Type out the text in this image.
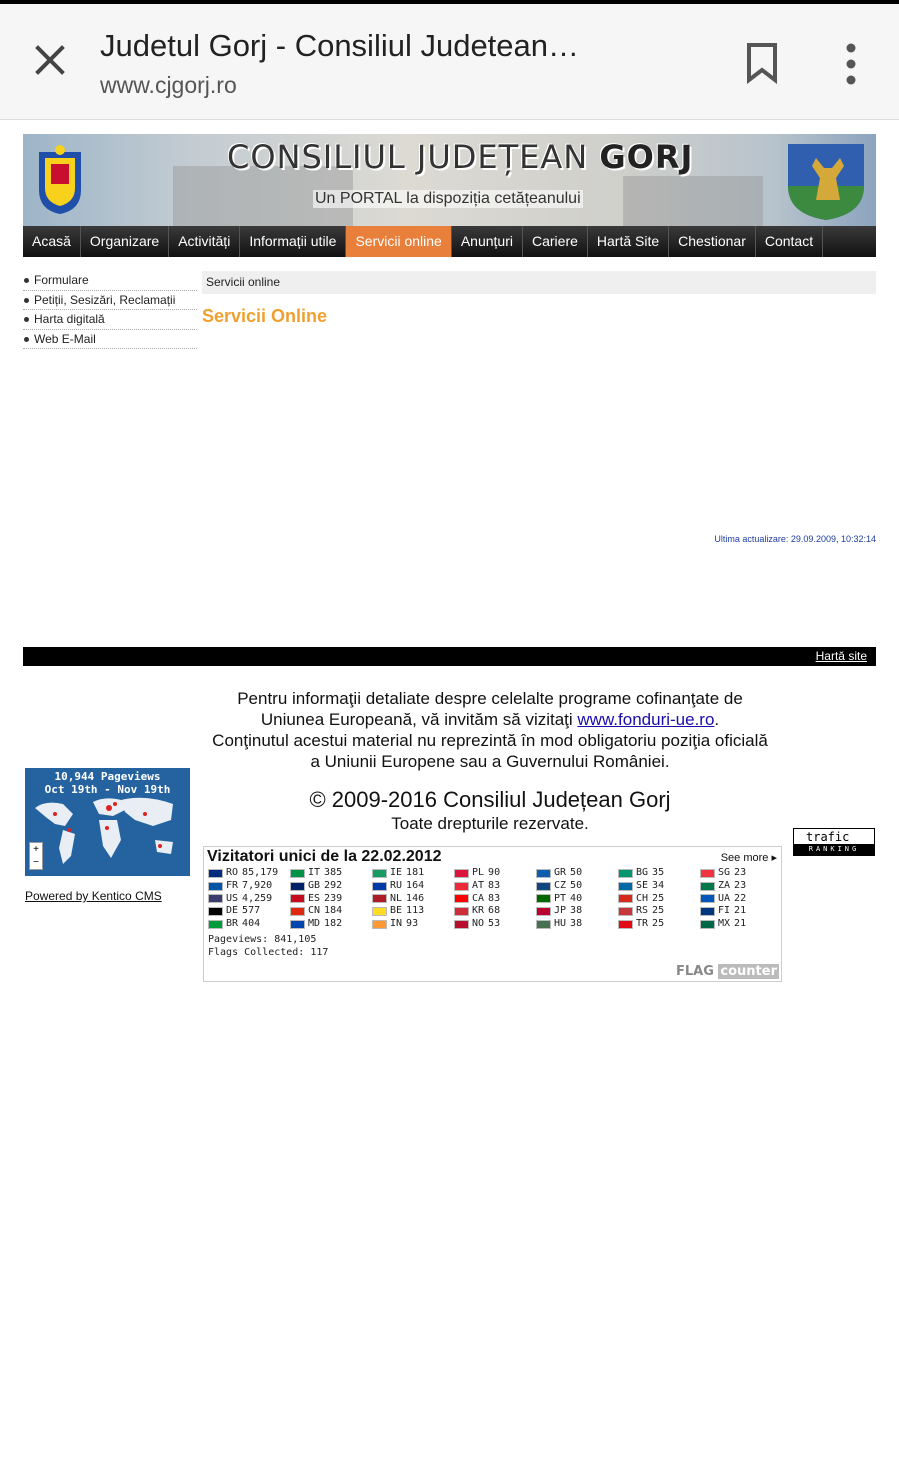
Judetul Gorj - Consiliul Judetean…
www.cjgorj.ro
CONSILIUL JUDEȚEAN GORJ
Un PORTAL la dispoziția cetățeanului
Acasă	Organizare	Activități	Informații utile	Servicii online	Anunțuri	Cariere	Hartă Site	Chestionar	Contact
Formulare
Petiții, Sesizări, Reclamații
Harta digitală
Web E-Mail
Servicii online
Servicii Online
Ultima actualizare: 29.09.2009, 10:32:14
Hartă site
Pentru informaţii detaliate despre celelalte programe cofinanţate de
Uniunea Europeană, vă invităm să vizitaţi www.fonduri-ue.ro.
Conţinutul acestui material nu reprezintă în mod obligatoriu poziţia oficială
a Uniunii Europene sau a Guvernului României.
© 2009-2016 Consiliul Județean Gorj
Toate drepturile rezervate.
10,944 Pageviews
Oct 19th - Nov 19th
+
−
Powered by Kentico CMS
trafic
RANKING
Vizitatori unici de la 22.02.2012	See more ▸
RO 85,179	IT 385	IE 181	PL 90	GR 50	BG 35	SG 23
FR 7,920	GB 292	RU 164	AT 83	CZ 50	SE 34	ZA 23
US 4,259	ES 239	NL 146	CA 83	PT 40	CH 25	UA 22
DE 577	CN 184	BE 113	KR 68	JP 38	RS 25	FI 21
BR 404	MD 182	IN 93	NO 53	HU 38	TR 25	MX 21
Pageviews: 841,105
Flags Collected: 117
FLAG counter
